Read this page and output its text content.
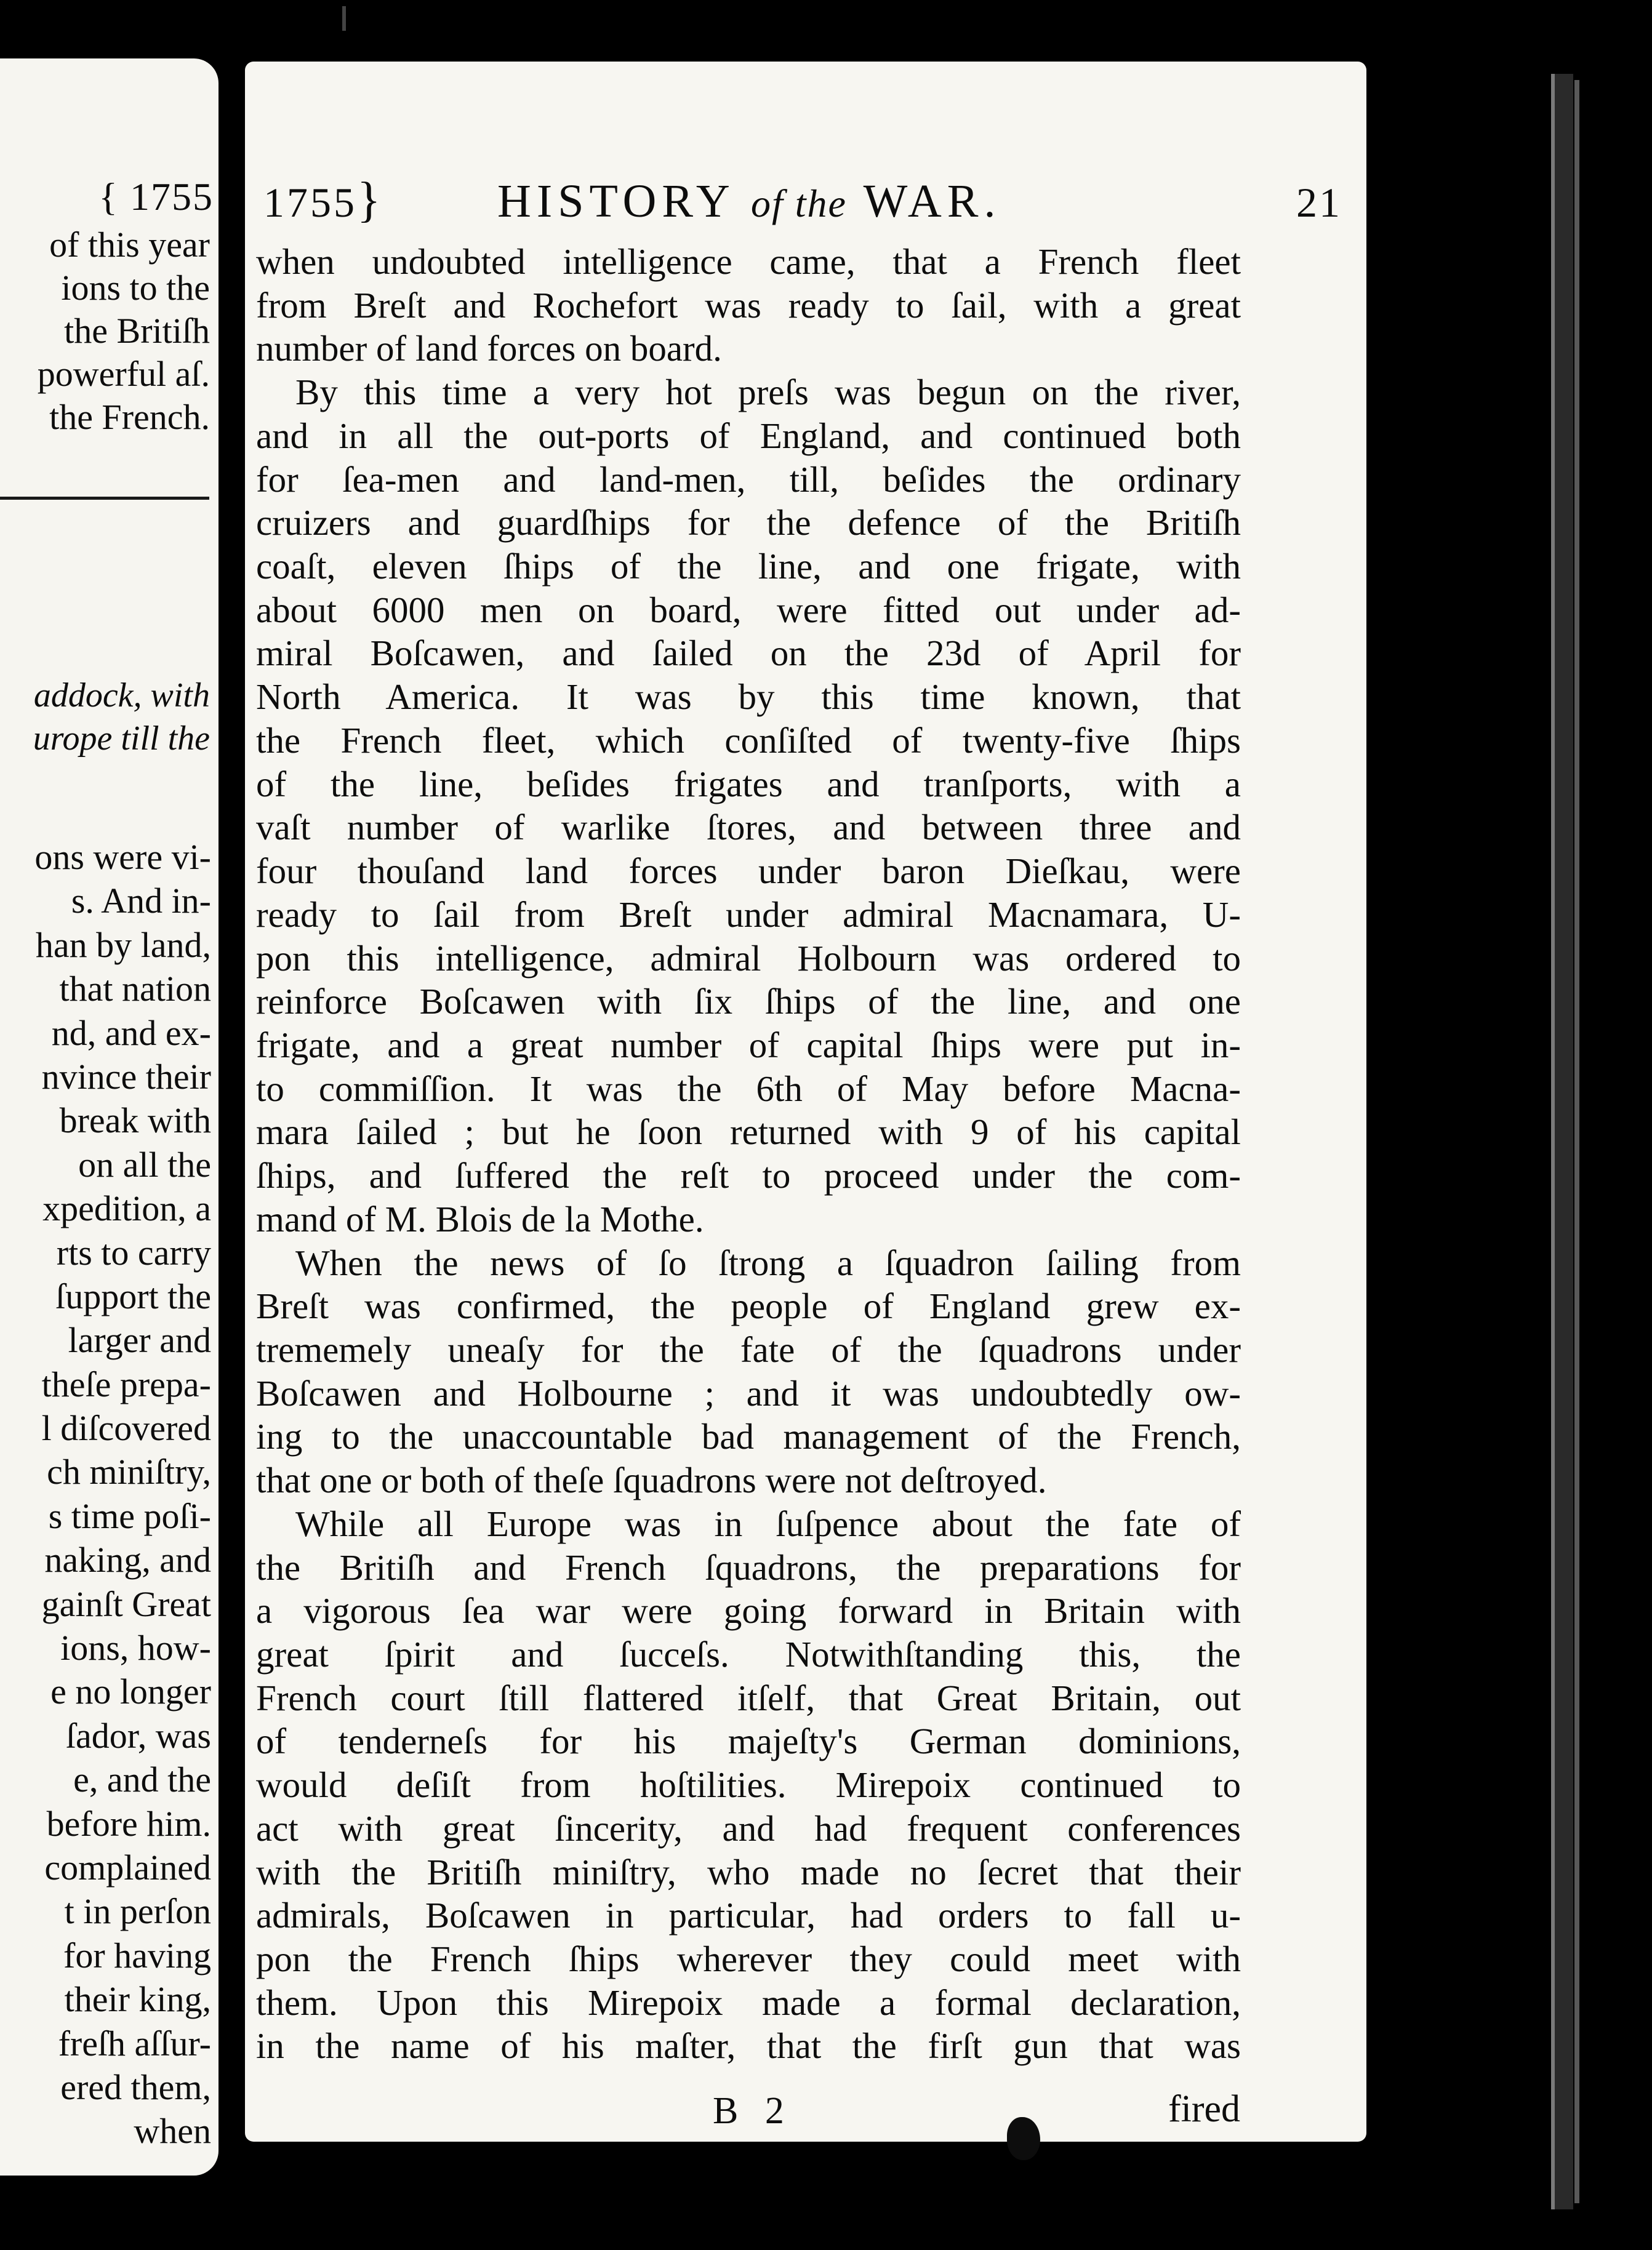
{ 1755
of this year
ions to the
the Britiſh
powerful aſ.
the French.
addock, with
urope till the
ons were vi-
s. And in-
han by land,
that nation
nd, and ex-
nvince their
break with
on all the
xpedition, a
rts to carry
ſupport the
larger and
theſe prepa-
l diſcovered
ch miniſtry,
s time poſi-
naking, and
gainſt Great
ions, how-
e no longer
ſador, was
e, and the
before him.
complained
t in perſon
for having
their king,
freſh aſſur-
ered them,
when
1755 } HISTORY of the WAR.	21
when undoubted intelligence came, that a French fleet
from Breſt and Rochefort was ready to ſail, with a great
number of land forces on board.
By this time a very hot preſs was begun on the river,
and in all the out-ports of England, and continued both
for ſea-men and land-men, till, beſides the ordinary
cruizers and guardſhips for the defence of the Britiſh
coaſt, eleven ſhips of the line, and one frigate, with
about 6000 men on board, were fitted out under ad-
miral Boſcawen, and ſailed on the 23d of April for
North America. It was by this time known, that
the French fleet, which conſiſted of twenty-five ſhips
of the line, beſides frigates and tranſports, with a
vaſt number of warlike ſtores, and between three and
four thouſand land forces under baron Dieſkau, were
ready to ſail from Breſt under admiral Macnamara, U-
pon this intelligence, admiral Holbourn was ordered to
reinforce Boſcawen with ſix ſhips of the line, and one
frigate, and a great number of capital ſhips were put in-
to commiſſion. It was the 6th of May before Macna-
mara ſailed ; but he ſoon returned with 9 of his capital
ſhips, and ſuffered the reſt to proceed under the com-
mand of M. Blois de la Mothe.
When the news of ſo ſtrong a ſquadron ſailing from
Breſt was confirmed, the people of England grew ex-
trememely uneaſy for the fate of the ſquadrons under
Boſcawen and Holbourne ; and it was undoubtedly ow-
ing to the unaccountable bad management of the French,
that one or both of theſe ſquadrons were not deſtroyed.
While all Europe was in ſuſpence about the fate of
the Britiſh and French ſquadrons, the preparations for
a vigorous ſea war were going forward in Britain with
great ſpirit and ſucceſs. Notwithſtanding this, the
French court ſtill flattered itſelf, that Great Britain, out
of tenderneſs for his majeſty's German dominions,
would deſiſt from hoſtilities. Mirepoix continued to
act with great ſincerity, and had frequent conferences
with the Britiſh miniſtry, who made no ſecret that their
admirals, Boſcawen in particular, had orders to fall u-
pon the French ſhips wherever they could meet with
them. Upon this Mirepoix made a formal declaration,
in the name of his maſter, that the firſt gun that was
B 2	fired
